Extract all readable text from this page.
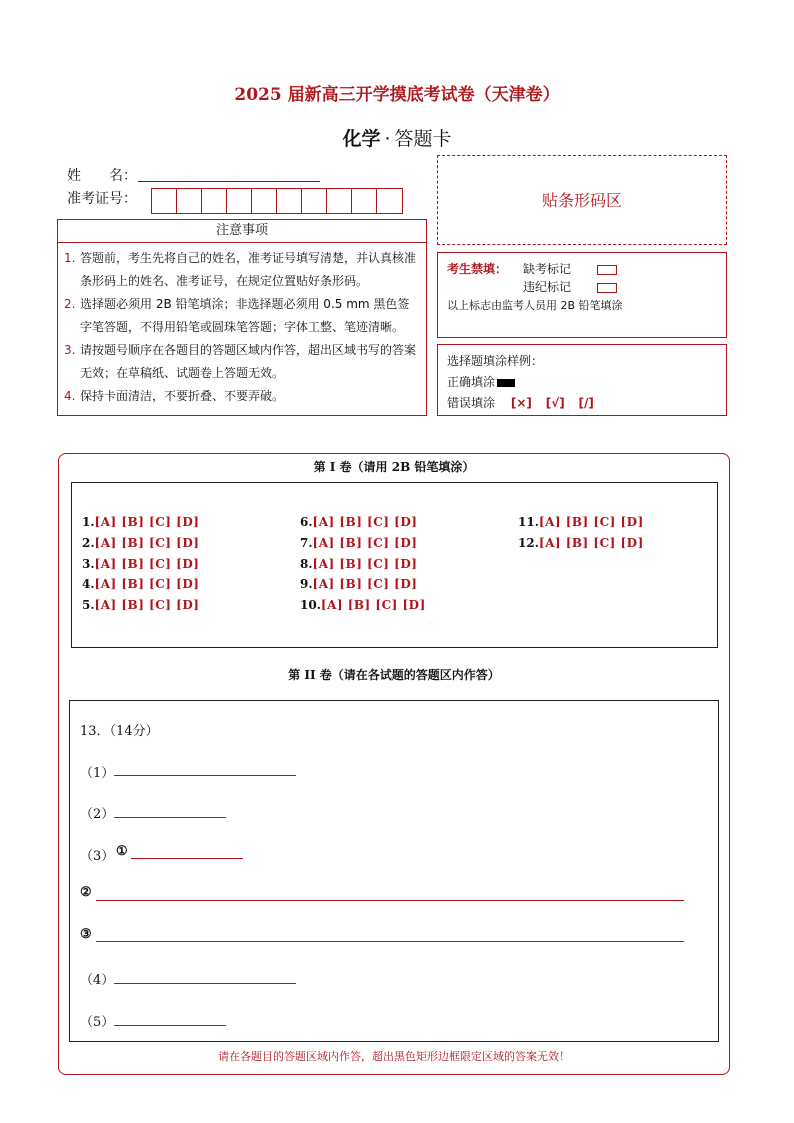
2025 届新高三开学摸底考试卷（天津卷）
化学 · 答题卡
姓　　名：
准考证号：	贴条形码区
注意事项
1. 答题前，考生先将自己的姓名，准考证号填写清楚，并认真核准条形码上的姓名、准考证号，在规定位置贴好条形码。
2. 选择题必须用 2B 铅笔填涂；非选择题必须用 0.5 mm 黑色签字笔答题，不得用铅笔或圆珠笔答题；字体工整、笔迹清晰。
3. 请按题号顺序在各题目的答题区域内作答，超出区域书写的答案无效；在草稿纸、试题卷上答题无效。
4. 保持卡面清洁，不要折叠、不要弄破。
考生禁填： 缺考标记
违纪标记
以上标志由监考人员用 2B 铅笔填涂
选择题填涂样例：
正确填涂
错误填涂 [×] [√] [/]
第 I 卷（请用 2B 铅笔填涂）
1.[A] [B] [C] [D]
2.[A] [B] [C] [D]
3.[A] [B] [C] [D]
4.[A] [B] [C] [D]
5.[A] [B] [C] [D]
6.[A] [B] [C] [D]
7.[A] [B] [C] [D]
8.[A] [B] [C] [D]
9.[A] [B] [C] [D]
10.[A] [B] [C] [D]
11.[A] [B] [C] [D]
12.[A] [B] [C] [D]
第 II 卷（请在各试题的答题区内作答）
13．（14分）
（1）
（2）
（3） ①
②
③
（4）
（5）
请在各题目的答题区域内作答，超出黑色矩形边框限定区域的答案无效！
